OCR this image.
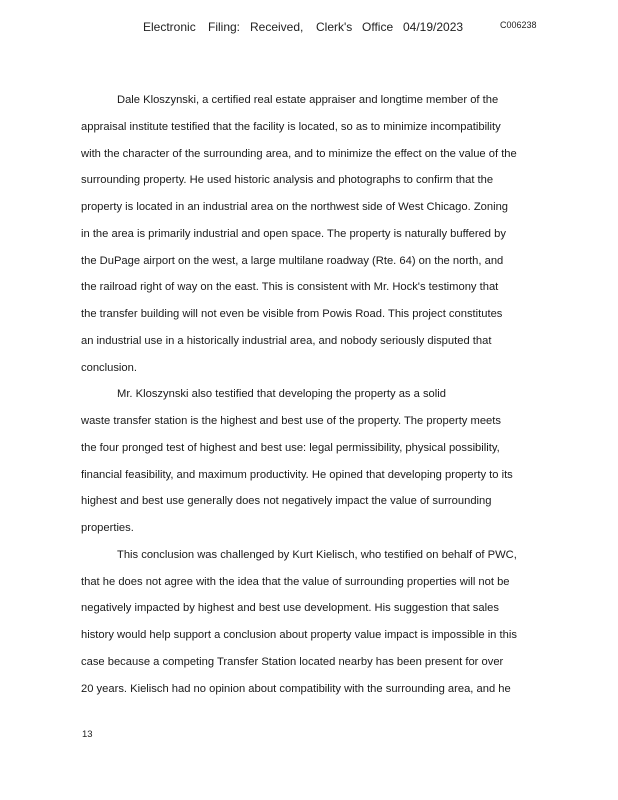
Electronic Filing: Received, Clerk's Office 04/19/2023	C006238
Dale Kloszynski, a certified real estate appraiser and longtime member of the
appraisal institute testified that the facility is located, so as to minimize incompatibility
with the character of the surrounding area, and to minimize the effect on the value of the
surrounding property. He used historic analysis and photographs to confirm that the
property is located in an industrial area on the northwest side of West Chicago. Zoning
in the area is primarily industrial and open space. The property is naturally buffered by
the DuPage airport on the west, a large multilane roadway (Rte. 64) on the north, and
the railroad right of way on the east. This is consistent with Mr. Hock's testimony that
the transfer building will not even be visible from Powis Road. This project constitutes
an industrial use in a historically industrial area, and nobody seriously disputed that
conclusion.
Mr. Kloszynski also testified that developing the property as a solid
waste transfer station is the highest and best use of the property. The property meets
the four pronged test of highest and best use: legal permissibility, physical possibility,
financial feasibility, and maximum productivity. He opined that developing property to its
highest and best use generally does not negatively impact the value of surrounding
properties.
This conclusion was challenged by Kurt Kielisch, who testified on behalf of PWC,
that he does not agree with the idea that the value of surrounding properties will not be
negatively impacted by highest and best use development. His suggestion that sales
history would help support a conclusion about property value impact is impossible in this
case because a competing Transfer Station located nearby has been present for over
20 years. Kielisch had no opinion about compatibility with the surrounding area, and he
13
